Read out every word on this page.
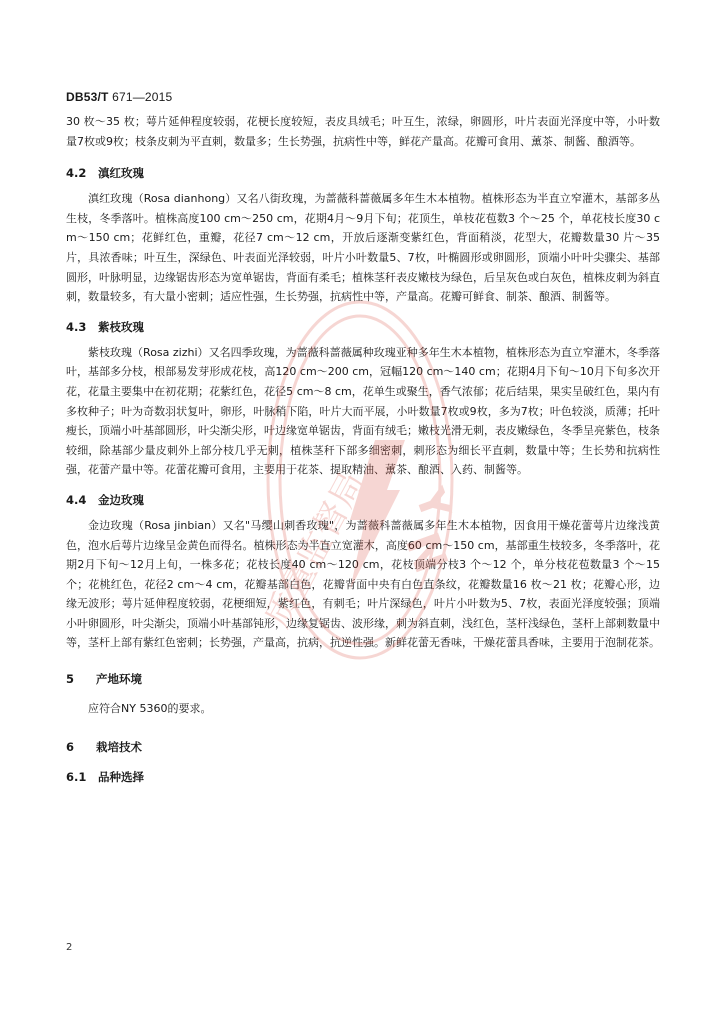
DB53/T 671—2015

30 枚～35 枚；萼片延伸程度较弱，花梗长度较短，表皮具绒毛；叶互生，浓绿，卵圆形，叶片表面光泽度中等，小叶数量7枚或9枚；枝条皮刺为平直刺，数量多；生长势强，抗病性中等，鲜花产量高。花瓣可食用、薰茶、制酱、酿酒等。

4.2	滇红玫瑰

滇红玫瑰（Rosa dianhong）又名八街玫瑰，为蔷薇科蔷薇属多年生木本植物。植株形态为半直立窄灌木，基部多丛生枝，冬季落叶。植株高度100 cm～250 cm，花期4月～9月下旬；花顶生，单枝花苞数3 个～25 个，单花枝长度30 cm～150 cm；花鲜红色，重瓣，花径7 cm～12 cm，开放后逐渐变紫红色，背面稍淡，花型大，花瓣数量30 片～35 片，具浓香味；叶互生，深绿色、叶表面光泽较弱，叶片小叶数量5、7枚，叶椭圆形或卵圆形，顶端小叶叶尖骤尖、基部圆形，叶脉明显，边缘锯齿形态为宽单锯齿，背面有柔毛；植株茎秆表皮嫩枝为绿色，后呈灰色或白灰色，植株皮刺为斜直刺，数量较多，有大量小密刺；适应性强，生长势强，抗病性中等，产量高。花瓣可鲜食、制茶、酿酒、制酱等。

4.3	紫枝玫瑰

紫枝玫瑰（Rosa zizhi）又名四季玫瑰，为蔷薇科蔷薇属种玫瑰亚种多年生木本植物，植株形态为直立窄灌木，冬季落叶，基部多分枝，根部易发芽形成花枝，高120 cm～200 cm，冠幅120 cm～140 cm；花期4月下旬～10月下旬多次开花，花量主要集中在初花期；花紫红色，花径5 cm～8 cm，花单生或聚生，香气浓郁；花后结果，果实呈破红色，果内有多枚种子；叶为奇数羽状复叶，卵形，叶脉稍下陷，叶片大而平展，小叶数量7枚或9枚，多为7枚；叶色较淡，质薄；托叶瘦长，顶端小叶基部圆形，叶尖渐尖形，叶边缘宽单锯齿，背面有绒毛；嫩枝光滑无刺，表皮嫩绿色，冬季呈亮紫色，枝条较细，除基部少量皮刺外上部分枝几乎无刺，植株茎秆下部多细密刺，刺形态为细长平直刺，数量中等；生长势和抗病性强，花蕾产量中等。花蕾花瓣可食用，主要用于花茶、提取精油、薰茶、酿酒、入药、制酱等。

4.4	金边玫瑰

金边玫瑰（Rosa jinbian）又名"马缨山刺香玫瑰"，为蔷薇科蔷薇属多年生木本植物，因食用干燥花蕾萼片边缘浅黄色，泡水后萼片边缘呈金黄色而得名。植株形态为半直立宽灌木，高度60 cm～150 cm，基部重生枝较多，冬季落叶，花期2月下旬～12月上旬，一株多花；花枝长度40 cm～120 cm，花枝顶端分枝3 个～12 个，单分枝花苞数量3 个～15 个；花桃红色，花径2 cm～4 cm，花瓣基部白色，花瓣背面中央有白色直条纹，花瓣数量16 枚～21 枚；花瓣心形，边缘无波形；萼片延伸程度较弱，花梗细短，紫红色，有刺毛；叶片深绿色，叶片小叶数为5、7枚，表面光泽度较强；顶端小叶卵圆形，叶尖渐尖，顶端小叶基部钝形，边缘复锯齿、波形缘，刺为斜直刺，浅红色，茎杆浅绿色，茎杆上部刺数量中等，茎杆上部有紫红色密刺；长势强，产量高，抗病，抗逆性强。新鲜花蕾无香味，干燥花蕾具香味，主要用于泡制花茶。

5	产地环境

应符合NY 5360的要求。

6	栽培技术
6.1	品种选择
N
Y
质量监督局
2
